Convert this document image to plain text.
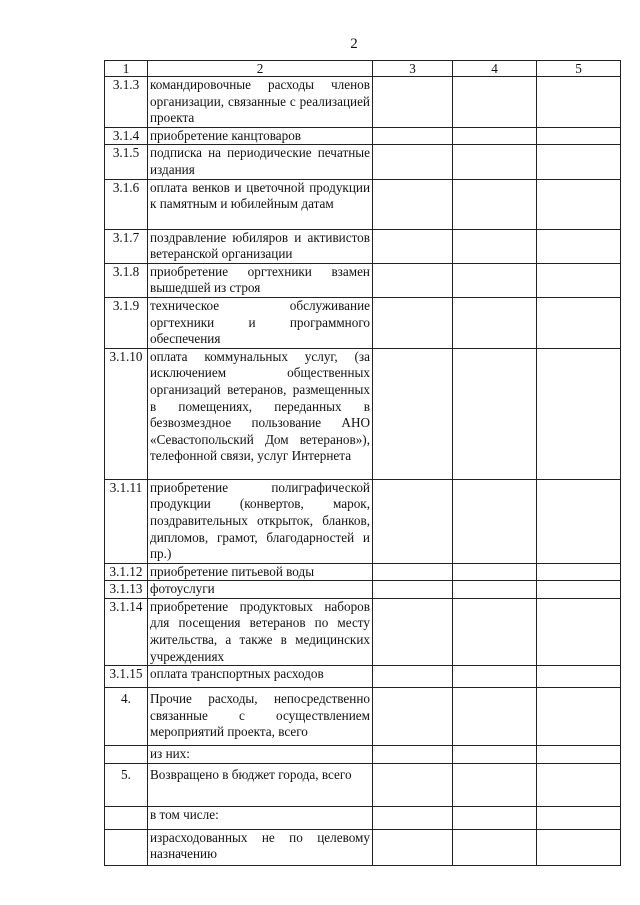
2
1	2	3	4	5
3.1.3	командировочные расходы членов организации, связанные с реализацией проекта			
3.1.4	приобретение канцтоваров			
3.1.5	подписка на периодические печатные издания			
3.1.6	оплата венков и цветочной продукции к памятным и юбилейным датам			
3.1.7	поздравление юбиляров и активистов ветеранской организации			
3.1.8	приобретение оргтехники взамен вышедшей из строя			
3.1.9	техническое обслуживание оргтехники и программного обеспечения			
3.1.10	оплата коммунальных услуг, (за исключением общественных организаций ветеранов, размещенных в помещениях, переданных в безвозмездное пользование АНО «Севастопольский Дом ветеранов»), телефонной связи, услуг Интернета			
3.1.11	приобретение полиграфической продукции (конвертов, марок, поздравительных открыток, бланков, дипломов, грамот, благодарностей и пр.)			
3.1.12	приобретение питьевой воды			
3.1.13	фотоуслуги			
3.1.14	приобретение продуктовых наборов для посещения ветеранов по месту жительства, а также в медицинских учреждениях			
3.1.15	оплата транспортных расходов			
4.	Прочие расходы, непосредственно связанные с осуществлением мероприятий проекта, всего			
	из них:			
5.	Возвращено в бюджет города, всего			
	в том числе:			
	израсходованных не по целевому назначению			
